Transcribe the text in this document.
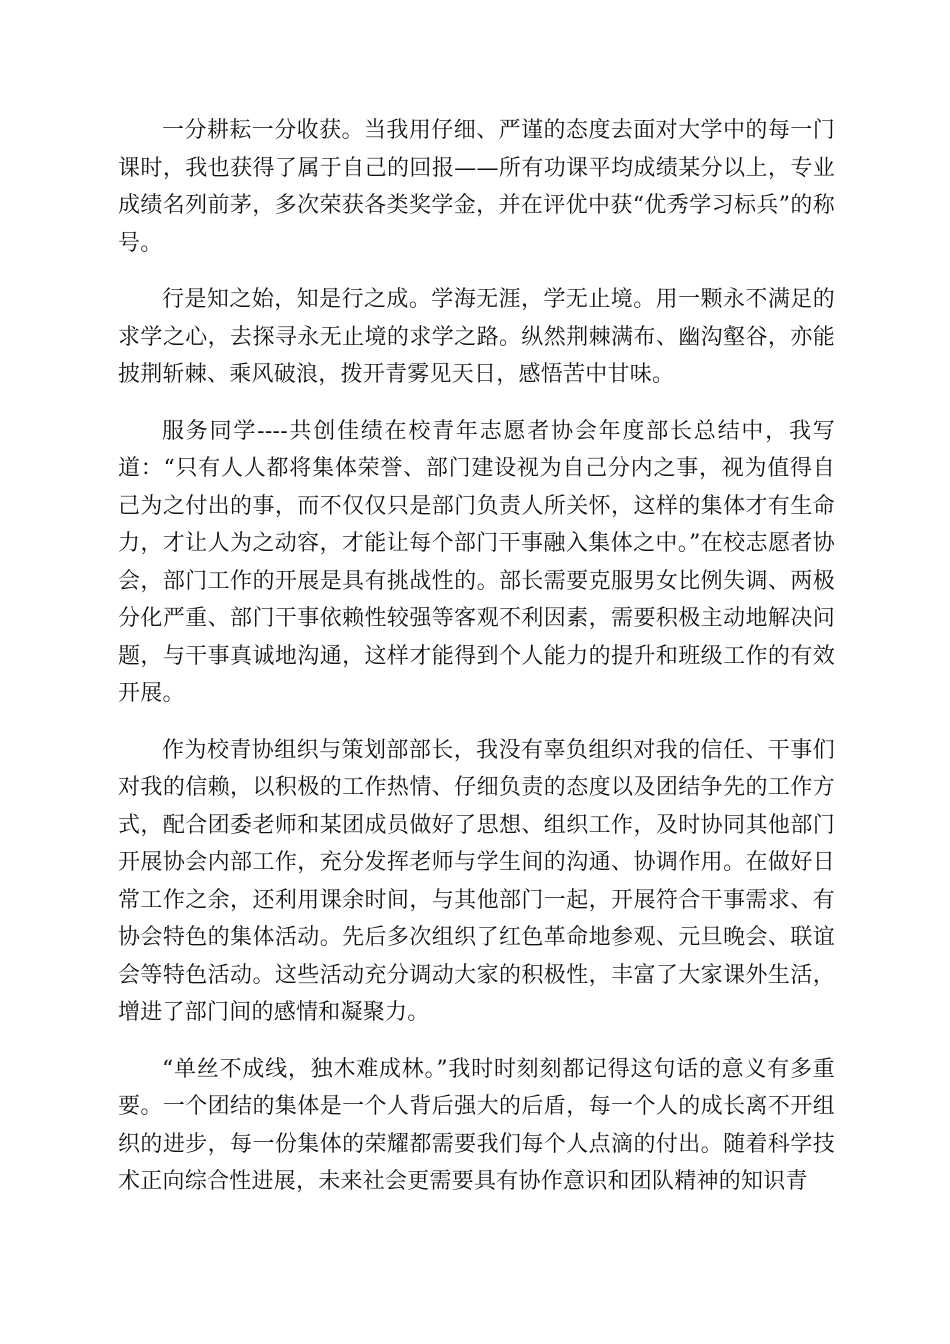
一分耕耘一分收获。当我用仔细、严谨的态度去面对大学中的每一门课时，我也获得了属于自己的回报——所有功课平均成绩某分以上，专业成绩名列前茅，多次荣获各类奖学金，并在评优中获“优秀学习标兵”的称号。

行是知之始，知是行之成。学海无涯，学无止境。用一颗永不满足的求学之心，去探寻永无止境的求学之路。纵然荆棘满布、幽沟壑谷，亦能披荆斩棘、乘风破浪，拨开青雾见天日，感悟苦中甘味。

服务同学----共创佳绩在校青年志愿者协会年度部长总结中，我写道：“只有人人都将集体荣誉、部门建设视为自己分内之事，视为值得自己为之付出的事，而不仅仅只是部门负责人所关怀，这样的集体才有生命力，才让人为之动容，才能让每个部门干事融入集体之中。”在校志愿者协会，部门工作的开展是具有挑战性的。部长需要克服男女比例失调、两极分化严重、部门干事依赖性较强等客观不利因素，需要积极主动地解决问题，与干事真诚地沟通，这样才能得到个人能力的提升和班级工作的有效开展。

作为校青协组织与策划部部长，我没有辜负组织对我的信任、干事们对我的信赖，以积极的工作热情、仔细负责的态度以及团结争先的工作方式，配合团委老师和某团成员做好了思想、组织工作，及时协同其他部门开展协会内部工作，充分发挥老师与学生间的沟通、协调作用。在做好日常工作之余，还利用课余时间，与其他部门一起，开展符合干事需求、有协会特色的集体活动。先后多次组织了红色革命地参观、元旦晚会、联谊会等特色活动。这些活动充分调动大家的积极性，丰富了大家课外生活，增进了部门间的感情和凝聚力。

“单丝不成线，独木难成林。”我时时刻刻都记得这句话的意义有多重要。一个团结的集体是一个人背后强大的后盾，每一个人的成长离不开组织的进步，每一份集体的荣耀都需要我们每个人点滴的付出。随着科学技术正向综合性进展，未来社会更需要具有协作意识和团队精神的知识青
